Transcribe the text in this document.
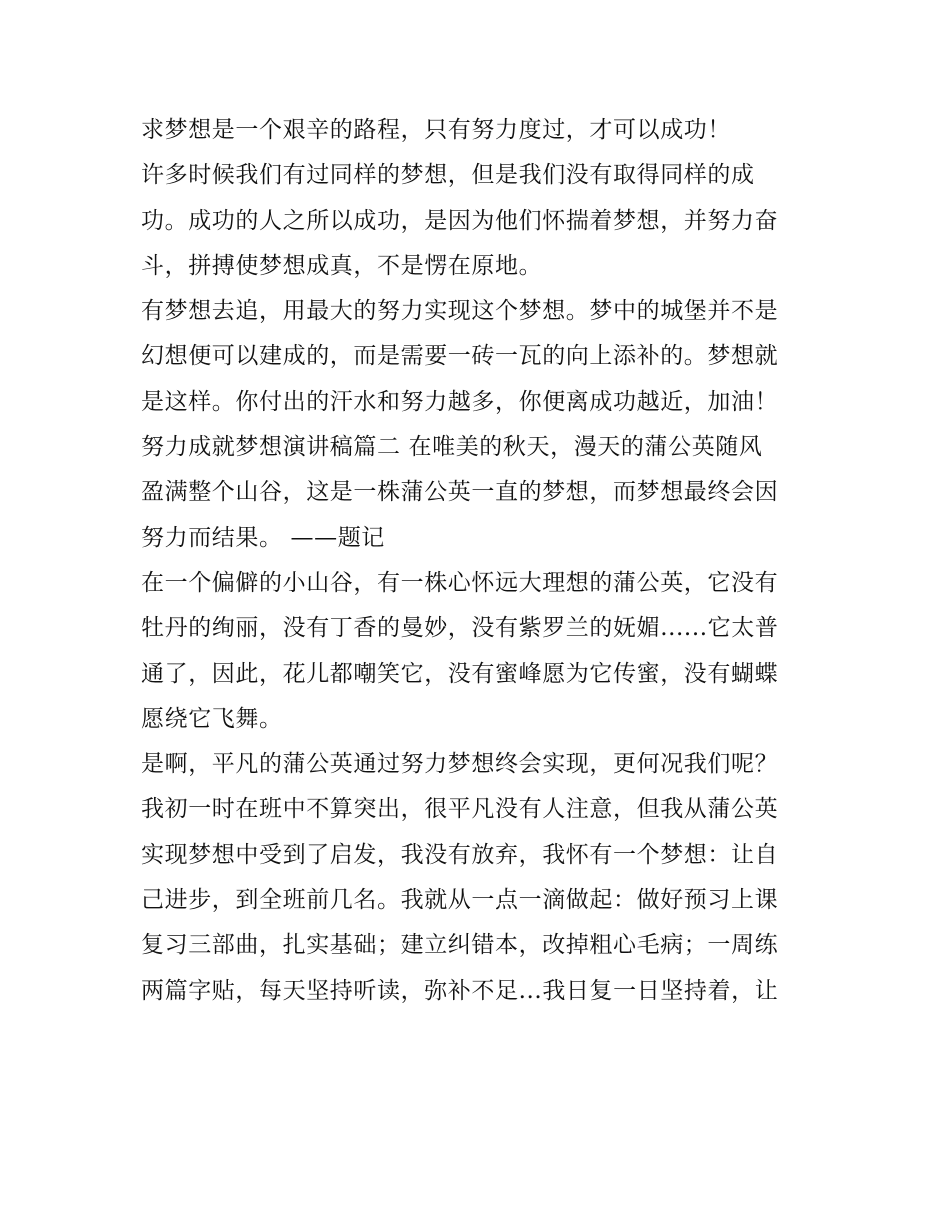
求梦想是一个艰辛的路程，只有努力度过，才可以成功！
许多时候我们有过同样的梦想，但是我们没有取得同样的成
功。成功的人之所以成功，是因为他们怀揣着梦想，并努力奋
斗，拼搏使梦想成真，不是愣在原地。
有梦想去追，用最大的努力实现这个梦想。梦中的城堡并不是
幻想便可以建成的，而是需要一砖一瓦的向上添补的。梦想就
是这样。你付出的汗水和努力越多，你便离成功越近，加油！
努力成就梦想演讲稿篇二 在唯美的秋天，漫天的蒲公英随风
盈满整个山谷，这是一株蒲公英一直的梦想，而梦想最终会因
努力而结果。 ——题记
在一个偏僻的小山谷，有一株心怀远大理想的蒲公英，它没有
牡丹的绚丽，没有丁香的曼妙，没有紫罗兰的妩媚......它太普
通了，因此，花儿都嘲笑它，没有蜜峰愿为它传蜜，没有蝴蝶
愿绕它飞舞。
是啊，平凡的蒲公英通过努力梦想终会实现，更何况我们呢？
我初一时在班中不算突出，很平凡没有人注意，但我从蒲公英
实现梦想中受到了启发，我没有放弃，我怀有一个梦想：让自
己进步，到全班前几名。我就从一点一滴做起：做好预习上课
复习三部曲，扎实基础；建立纠错本，改掉粗心毛病；一周练
两篇字贴，每天坚持听读，弥补不足...我日复一日坚持着，让
